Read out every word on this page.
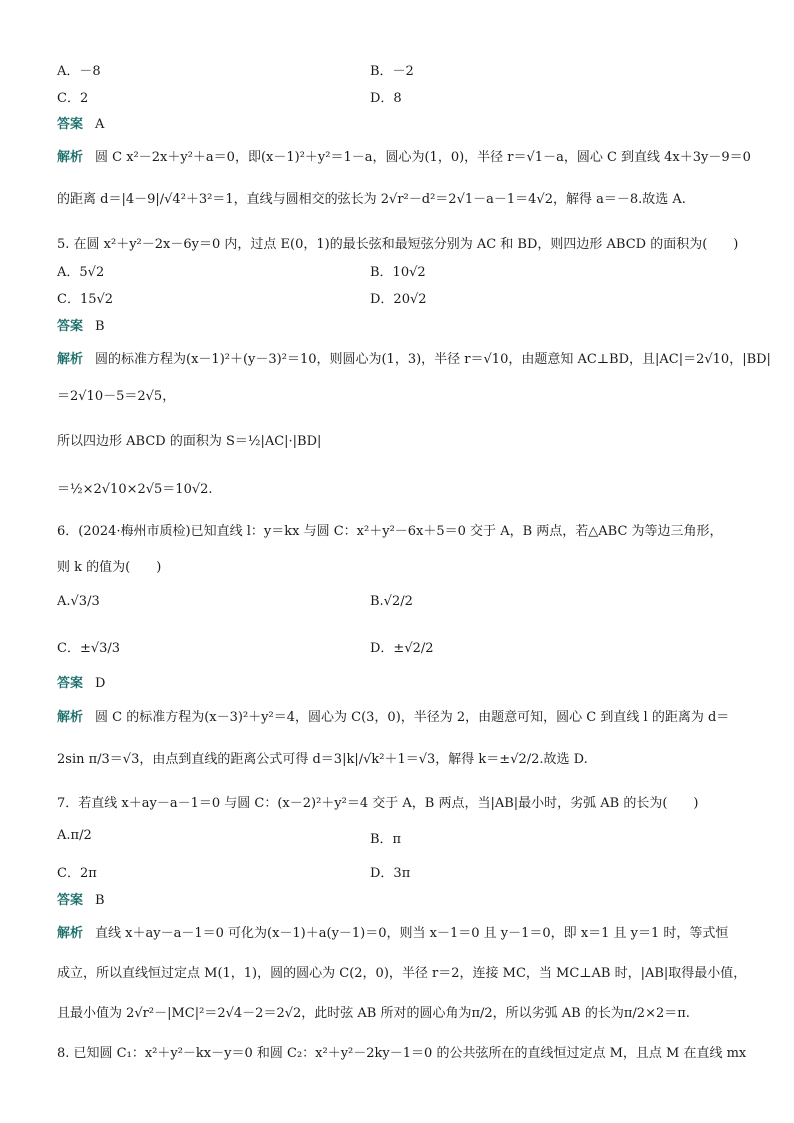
A．－8	B．－2
C．2	D．8
答案 A
解析 圆 C x²－2x＋y²＋a＝0，即(x－1)²＋y²＝1－a，圆心为(1，0)，半径 r＝√1－a，圆心 C 到直线 4x＋3y－9＝0
的距离 d＝|4－9|/√4²＋3²＝1，直线与圆相交的弦长为 2√r²－d²＝2√1－a－1＝4√2，解得 a＝－8.故选 A.
5. 在圆 x²＋y²－2x－6y＝0 内，过点 E(0，1)的最长弦和最短弦分别为 AC 和 BD，则四边形 ABCD 的面积为(　　)
A．5√2	B．10√2
C．15√2	D．20√2
答案 B
解析 圆的标准方程为(x－1)²＋(y－3)²＝10，则圆心为(1，3)，半径 r＝√10，由题意知 AC⊥BD，且|AC|＝2√10，|BD|
＝2√10－5＝2√5，
所以四边形 ABCD 的面积为 S＝½|AC|·|BD|
＝½×2√10×2√5＝10√2.
6．(2024·梅州市质检)已知直线 l：y＝kx 与圆 C：x²＋y²－6x＋5＝0 交于 A，B 两点，若△ABC 为等边三角形，
则 k 的值为(　　)
A.√3/3	B.√2/2
C．±√3/3	D．±√2/2
答案 D
解析 圆 C 的标准方程为(x－3)²＋y²＝4，圆心为 C(3，0)，半径为 2，由题意可知，圆心 C 到直线 l 的距离为 d＝
2sin π/3＝√3，由点到直线的距离公式可得 d＝3|k|/√k²＋1＝√3，解得 k＝±√2/2.故选 D.
7．若直线 x＋ay－a－1＝0 与圆 C：(x－2)²＋y²＝4 交于 A，B 两点，当|AB|最小时，劣弧 AB 的长为(　　)
A.π/2	B．π
C．2π	D．3π
答案 B
解析 直线 x＋ay－a－1＝0 可化为(x－1)＋a(y－1)＝0，则当 x－1＝0 且 y－1＝0，即 x＝1 且 y＝1 时，等式恒
成立，所以直线恒过定点 M(1，1)，圆的圆心为 C(2，0)，半径 r＝2，连接 MC，当 MC⊥AB 时，|AB|取得最小值，
且最小值为 2√r²－|MC|²＝2√4－2＝2√2，此时弦 AB 所对的圆心角为π/2，所以劣弧 AB 的长为π/2×2＝π.
8. 已知圆 C₁：x²＋y²－kx－y＝0 和圆 C₂：x²＋y²－2ky－1＝0 的公共弦所在的直线恒过定点 M，且点 M 在直线 mx
